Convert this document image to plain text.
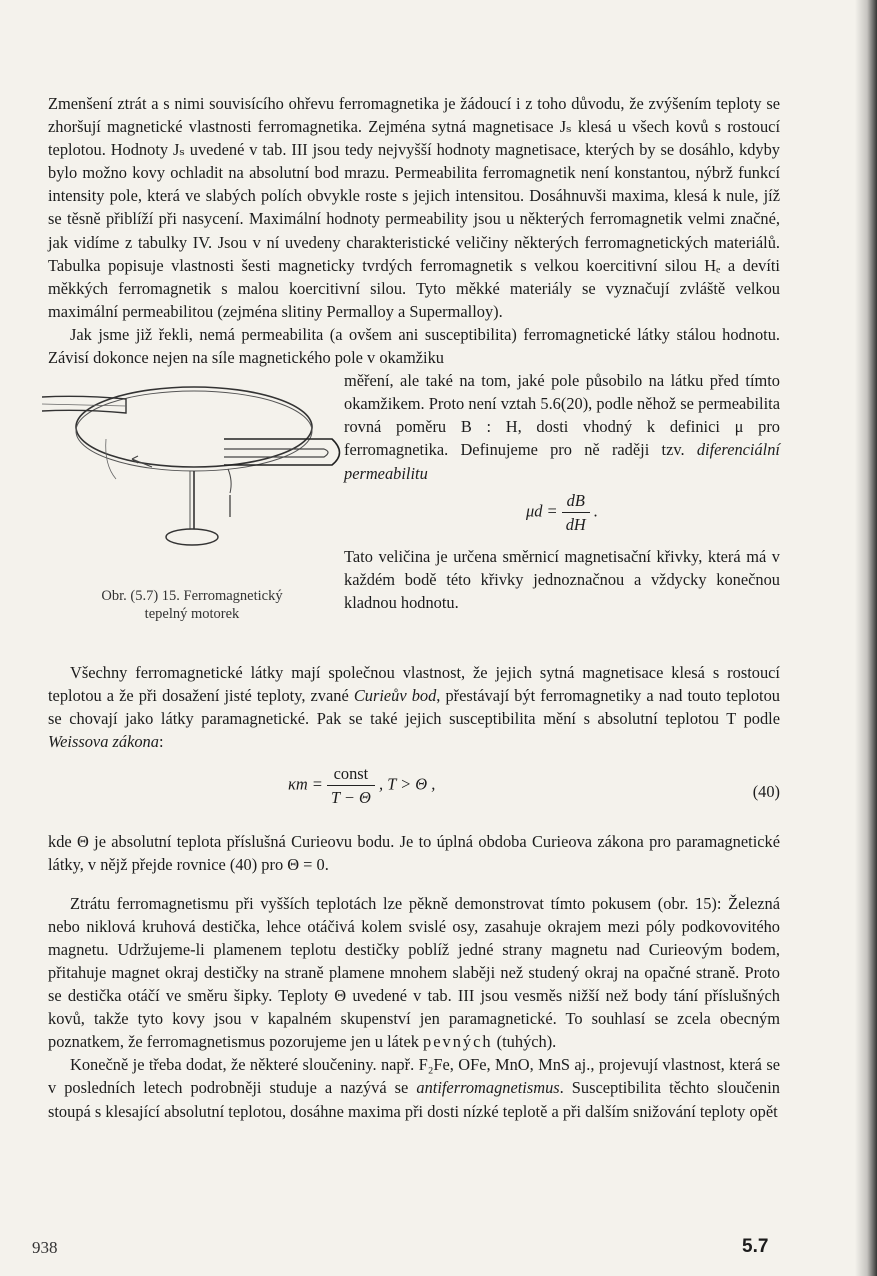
Zmenšení ztrát a s nimi souvisícího ohřevu ferromagnetika je žádoucí i z toho důvodu, že zvýšením teploty se zhoršují magnetické vlastnosti ferromagnetika. Zejména sytná magnetisace Jₛ klesá u všech kovů s rostoucí teplotou. Hodnoty Jₛ uvedené v tab. III jsou tedy nejvyšší hodnoty magnetisace, kterých by se dosáhlo, kdyby bylo možno kovy ochladit na absolutní bod mrazu. Permeabilita ferromagnetik není konstantou, nýbrž funkcí intensity pole, která ve slabých polích obvykle roste s jejich intensitou. Dosáhnuvši maxima, klesá k nule, jíž se těsně přiblíží při nasycení. Maximální hodnoty permeability jsou u některých ferromagnetik velmi značné, jak vidíme z tabulky IV. Jsou v ní uvedeny charakteristické veličiny některých ferromagnetických materiálů. Tabulka popisuje vlastnosti šesti magneticky tvrdých ferromagnetik s velkou koercitivní silou Hₑ a devíti měkkých ferromagnetik s malou koercitivní silou. Tyto měkké materiály se vyznačují zvláště velkou maximální permeabilitou (zejména slitiny Permalloy a Supermalloy).

Jak jsme již řekli, nemá permeabilita (a ovšem ani susceptibilita) ferromagnetické látky stálou hodnotu. Závisí dokonce nejen na síle magnetického pole v okamžiku

Obr. (5.7) 15. Ferromagnetický
tepelný motorek

měření, ale také na tom, jaké pole působilo na látku před tímto okamžikem. Proto není vztah 5.6(20), podle něhož se permeabilita rovná poměru B : H, dosti vhodný k definici μ pro ferromagnetika. Definujeme pro ně raději tzv. diferenciální permeabilitu

$\mu d = \frac{dB}{dH}$ .

Tato veličina je určena směrnicí magnetisační křivky, která má v každém bodě této křivky jednoznačnou a vždycky konečnou kladnou hodnotu.

Všechny ferromagnetické látky mají společnou vlastnost, že jejich sytná magnetisace klesá s rostoucí teplotou a že při dosažení jisté teploty, zvané Curieův bod, přestávají být ferromagnetiky a nad touto teplotou se chovají jako látky paramagnetické. Pak se také jejich susceptibilita mění s absolutní teplotou T podle Weissova zákona:

$\kappa m = \frac{\text{const}}{T - \Theta}$ , T > Θ ,	(40)

kde Θ je absolutní teplota příslušná Curieovu bodu. Je to úplná obdoba Curieova zákona pro paramagnetické látky, v nějž přejde rovnice (40) pro Θ = 0.

Ztrátu ferromagnetismu při vyšších teplotách lze pěkně demonstrovat tímto pokusem (obr. 15): Železná nebo niklová kruhová destička, lehce otáčivá kolem svislé osy, zasahuje okrajem mezi póly podkovovitého magnetu. Udržujeme-li plamenem teplotu destičky poblíž jedné strany magnetu nad Curieovým bodem, přitahuje magnet okraj destičky na straně plamene mnohem slaběji než studený okraj na opačné straně. Proto se destička otáčí ve směru šipky. Teploty Θ uvedené v tab. III jsou vesměs nižší než body tání příslušných kovů, takže tyto kovy jsou v kapalném skupenství jen paramagnetické. To souhlasí se zcela obecným poznatkem, že ferromagnetismus pozorujeme jen u látek pevných (tuhých).

Konečně je třeba dodat, že některé sloučeniny. např. F₂Fe, OFe, MnO, MnS aj., projevují vlastnost, která se v posledních letech podrobněji studuje a nazývá se antiferromagnetismus. Susceptibilita těchto sloučenin stoupá s klesající absolutní teplotou, dosáhne maxima při dosti nízké teplotě a při dalším snižování teploty opět

938	5.7
